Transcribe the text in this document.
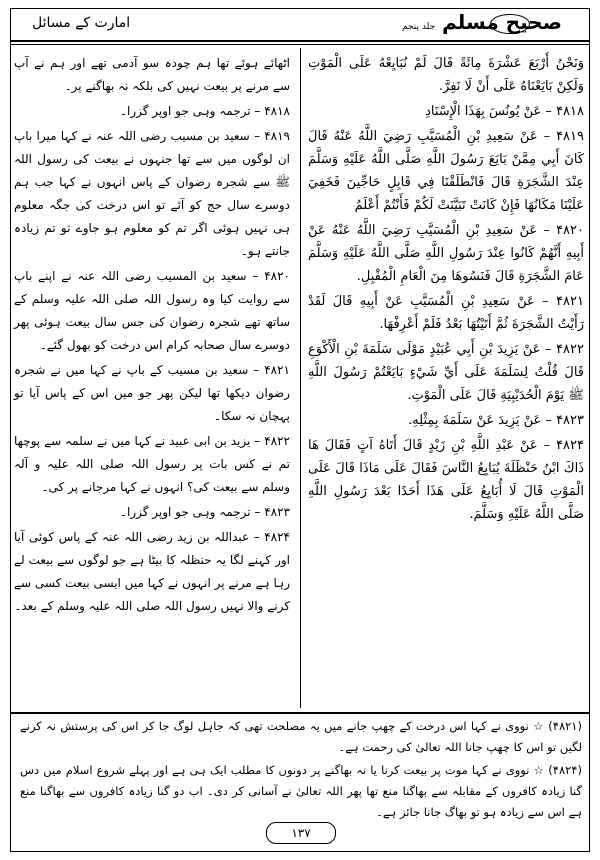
امارت کے مسائل	صحیح مسلم جلد پنجم

وَنَحْنُ أَرْبَعَ عَشْرَةَ مِائَةً قَالَ لَمْ نُبَايِعْهُ عَلَى الْمَوْتِ وَلَكِنْ بَايَعْنَاهُ عَلَى أَنْ لَا نَفِرَّ.

۴۸۱۸ – عَنْ يُونُسَ بِهَذَا الْإِسْنَادِ

۴۸۱۹ – عَنْ سَعِيدِ بْنِ الْمُسَيَّبِ رَضِيَ اللَّهُ عَنْهُ قَالَ كَانَ أَبِي مِمَّنْ بَايَعَ رَسُولَ اللَّهِ صَلَّى اللَّهُ عَلَيْهِ وَسَلَّمَ عِنْدَ الشَّجَرَةِ قَالَ فَانْطَلَقْنَا فِي قَابِلٍ حَاجِّينَ فَخَفِيَ عَلَيْنَا مَكَانُهَا فَإِنْ كَانَتْ تَبَيَّنَتْ لَكُمْ فَأَنْتُمْ أَعْلَمُ

۴۸۲۰ – عَنْ سَعِيدِ بْنِ الْمُسَيَّبِ رَضِيَ اللَّهُ عَنْهُ عَنْ أَبِيهِ أَنَّهُمْ كَانُوا عِنْدَ رَسُولِ اللَّهِ صَلَّى اللَّهُ عَلَيْهِ وَسَلَّمَ عَامَ الشَّجَرَةِ قَالَ فَنَسُوهَا مِنَ الْعَامِ الْمُقْبِلِ.

۴۸۲۱ – عَنْ سَعِيدِ بْنِ الْمُسَيَّبِ عَنْ أَبِيهِ قَالَ لَقَدْ رَأَيْتُ الشَّجَرَةَ ثُمَّ أَتَيْتُهَا بَعْدُ فَلَمْ أَعْرِفْهَا.

۴۸۲۲ – عَنْ يَزِيدَ بْنِ أَبِي عُبَيْدٍ مَوْلَى سَلَمَةَ بْنِ الْأَكْوَعِ قَالَ قُلْتُ لِسَلَمَةَ عَلَى أَيِّ شَيْءٍ بَايَعْتُمْ رَسُولَ اللَّهِ ﷺ يَوْمَ الْحُدَيْبِيَةِ قَالَ عَلَى الْمَوْتِ.

۴۸۲۳ – عَنْ يَزِيدَ عَنْ سَلَمَةَ بِمِثْلِهِ.

۴۸۲۴ – عَنْ عَبْدِ اللَّهِ بْنِ زَيْدٍ قَالَ أَتَاهُ آتٍ فَقَالَ هَا ذَاكَ ابْنُ حَنْظَلَةَ يُبَايِعُ النَّاسَ فَقَالَ عَلَى مَاذَا قَالَ عَلَى الْمَوْتِ قَالَ لَا أُبَايِعُ عَلَى هَذَا أَحَدًا بَعْدَ رَسُولِ اللَّهِ صَلَّى اللَّهُ عَلَيْهِ وَسَلَّمَ.

اٹھائے ہوئے تھا ہم چودہ سو آدمی تھے اور ہم نے آپ سے مرنے پر بیعت نہیں کی بلکہ نہ بھاگنے پر۔

۴۸۱۸ – ترجمہ وہی جو اوپر گزرا۔

۴۸۱۹ – سعید بن مسیب رضی اللہ عنہ نے کہا میرا باپ ان لوگوں میں سے تھا جنہوں نے بیعت کی رسول اللہ ﷺ سے شجرہ رضوان کے پاس انہوں نے کہا جب ہم دوسرے سال حج کو آئے تو اس درخت کی جگہ معلوم ہی نہیں ہوئی اگر تم کو معلوم ہو جاوے تو تم زیادہ جانتے ہو۔

۴۸۲۰ – سعید بن المسیب رضی اللہ عنہ نے اپنے باپ سے روایت کیا وہ رسول اللہ صلی اللہ علیہ وسلم کے ساتھ تھے شجرہ رضوان کی جس سال بیعت ہوئی پھر دوسرے سال صحابہ کرام اس درخت کو بھول گئے۔

۴۸۲۱ – سعید بن مسیب کے باپ نے کہا میں نے شجرہ رضوان دیکھا تھا لیکن پھر جو میں اس کے پاس آیا تو پہچان نہ سکا۔

۴۸۲۲ – یزید بن ابی عبید نے کہا میں نے سلمہ سے پوچھا تم نے کس بات پر رسول اللہ صلی اللہ علیہ و آلہ وسلم سے بیعت کی؟ انہوں نے کہا مرجانے پر کی۔

۴۸۲۳ – ترجمہ وہی جو اوپر گزرا۔

۴۸۲۴ – عبداللہ بن زید رضی اللہ عنہ کے پاس کوئی آیا اور کہنے لگا یہ حنظلہ کا بیٹا ہے جو لوگوں سے بیعت لے رہا ہے مرنے پر انہوں نے کہا میں ایسی بیعت کسی سے کرنے والا نہیں رسول اللہ صلی اللہ علیہ وسلم کے بعد۔

(۴۸۲۱) ☆ نووی نے کہا اس درخت کے چھپ جانے میں یہ مصلحت تھی کہ جاہل لوگ جا کر اس کی پرستش نہ کرنے لگیں تو اس کا چھپ جانا اللہ تعالیٰ کی رحمت ہے۔

(۴۸۲۴) ☆ نووی نے کہا موت پر بیعت کرنا یا نہ بھاگنے پر دونوں کا مطلب ایک ہی ہے اور پہلے شروع اسلام میں دس گنا زیادہ کافروں کے مقابلہ سے بھاگنا منع تھا پھر اللہ تعالیٰ نے آسانی کر دی۔ اب دو گنا زیادہ کافروں سے بھاگنا منع ہے اس سے زیادہ ہو تو بھاگ جانا جائز ہے۔

۱۳۷
